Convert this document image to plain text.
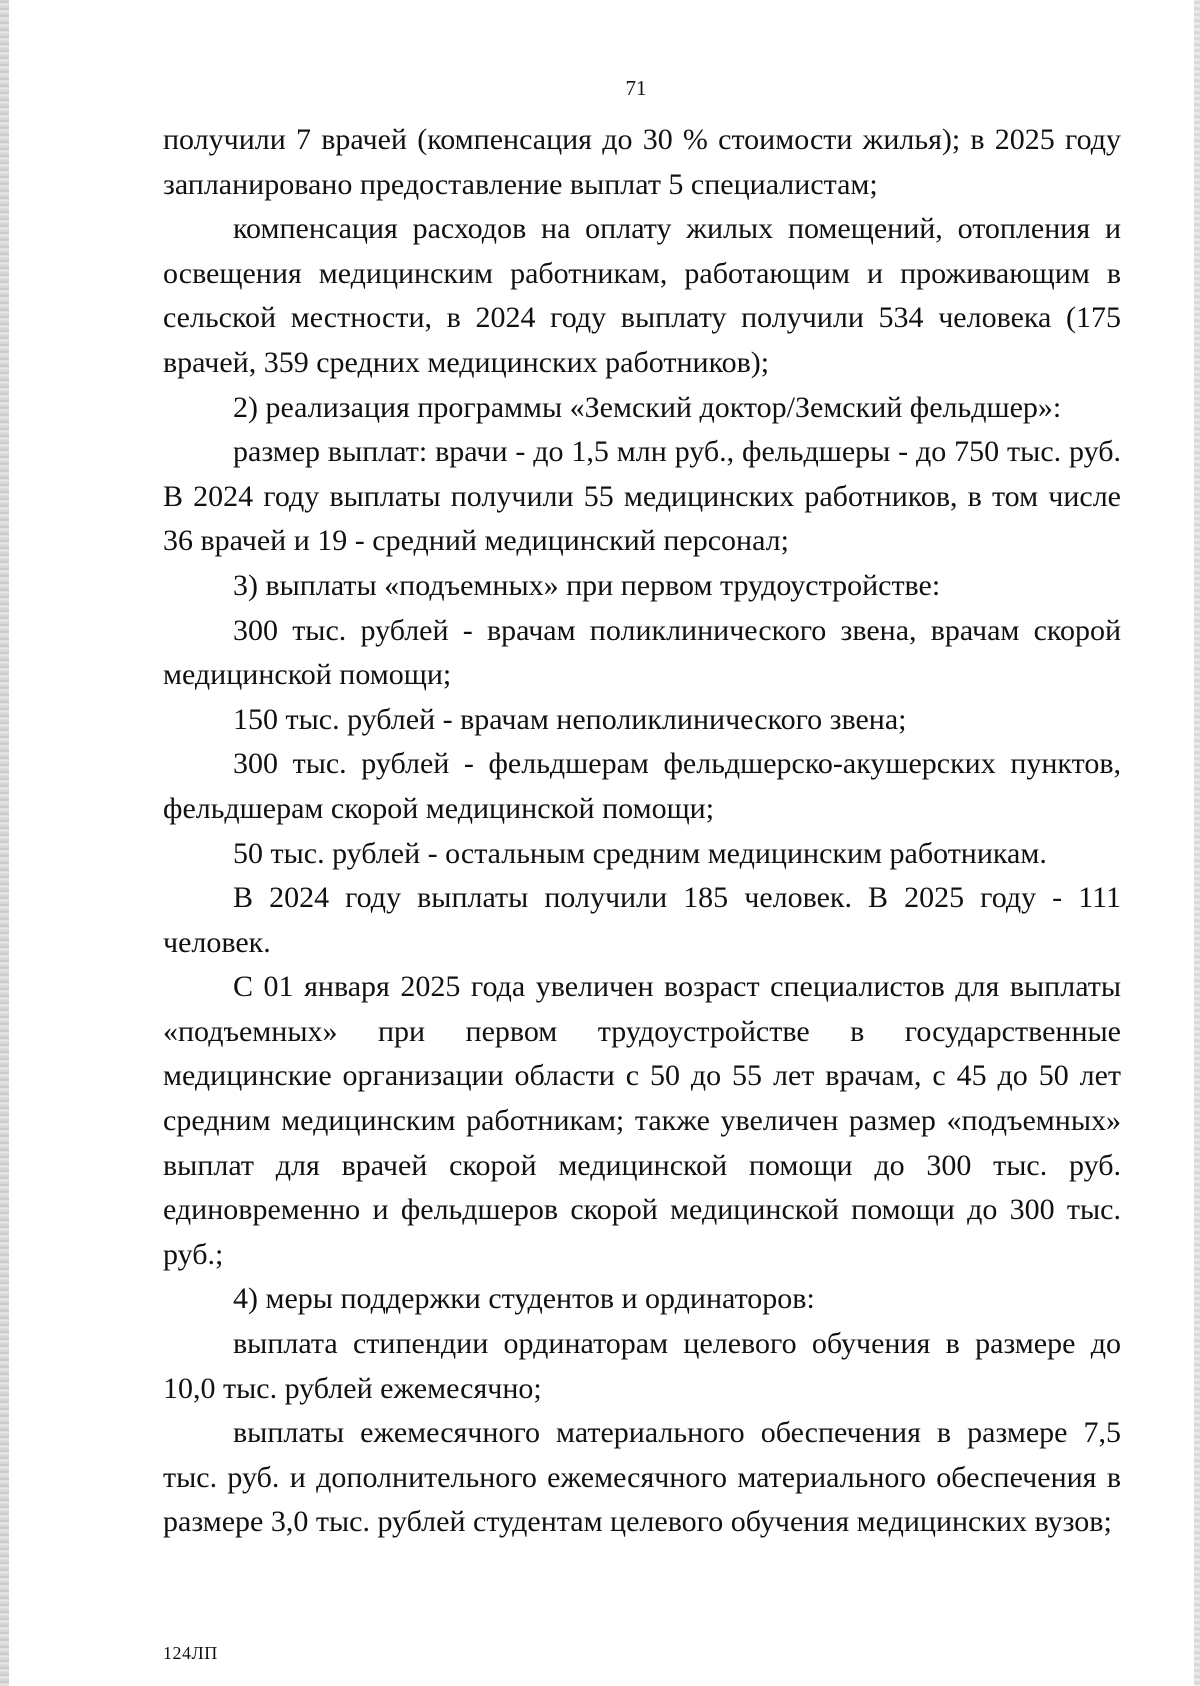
71

получили 7 врачей (компенсация до 30 % стоимости жилья); в 2025 году запланировано предоставление выплат 5 специалистам;

компенсация расходов на оплату жилых помещений, отопления и освещения медицинским работникам, работающим и проживающим в сельской местности, в 2024 году выплату получили 534 человека (175 врачей, 359 средних медицинских работников);

2) реализация программы «Земский доктор/Земский фельдшер»:

размер выплат: врачи - до 1,5 млн руб., фельдшеры - до 750 тыс. руб. В 2024 году выплаты получили 55 медицинских работников, в том числе 36 врачей и 19 - средний медицинский персонал;

3) выплаты «подъемных» при первом трудоустройстве:

300 тыс. рублей - врачам поликлинического звена, врачам скорой медицинской помощи;

150 тыс. рублей - врачам неполиклинического звена;

300 тыс. рублей - фельдшерам фельдшерско-акушерских пунктов, фельдшерам скорой медицинской помощи;

50 тыс. рублей - остальным средним медицинским работникам.

В 2024 году выплаты получили 185 человек. В 2025 году - 111 человек.

С 01 января 2025 года увеличен возраст специалистов для выплаты «подъемных» при первом трудоустройстве в государственные медицинские организации области с 50 до 55 лет врачам, с 45 до 50 лет средним медицинским работникам; также увеличен размер «подъемных» выплат для врачей скорой медицинской помощи до 300 тыс. руб. единовременно и фельдшеров скорой медицинской помощи до 300 тыс. руб.;

4) меры поддержки студентов и ординаторов:

выплата стипендии ординаторам целевого обучения в размере до 10,0 тыс. рублей ежемесячно;

выплаты ежемесячного материального обеспечения в размере 7,5 тыс. руб. и дополнительного ежемесячного материального обеспечения в размере 3,0 тыс. рублей студентам целевого обучения медицинских вузов;

124ЛП
